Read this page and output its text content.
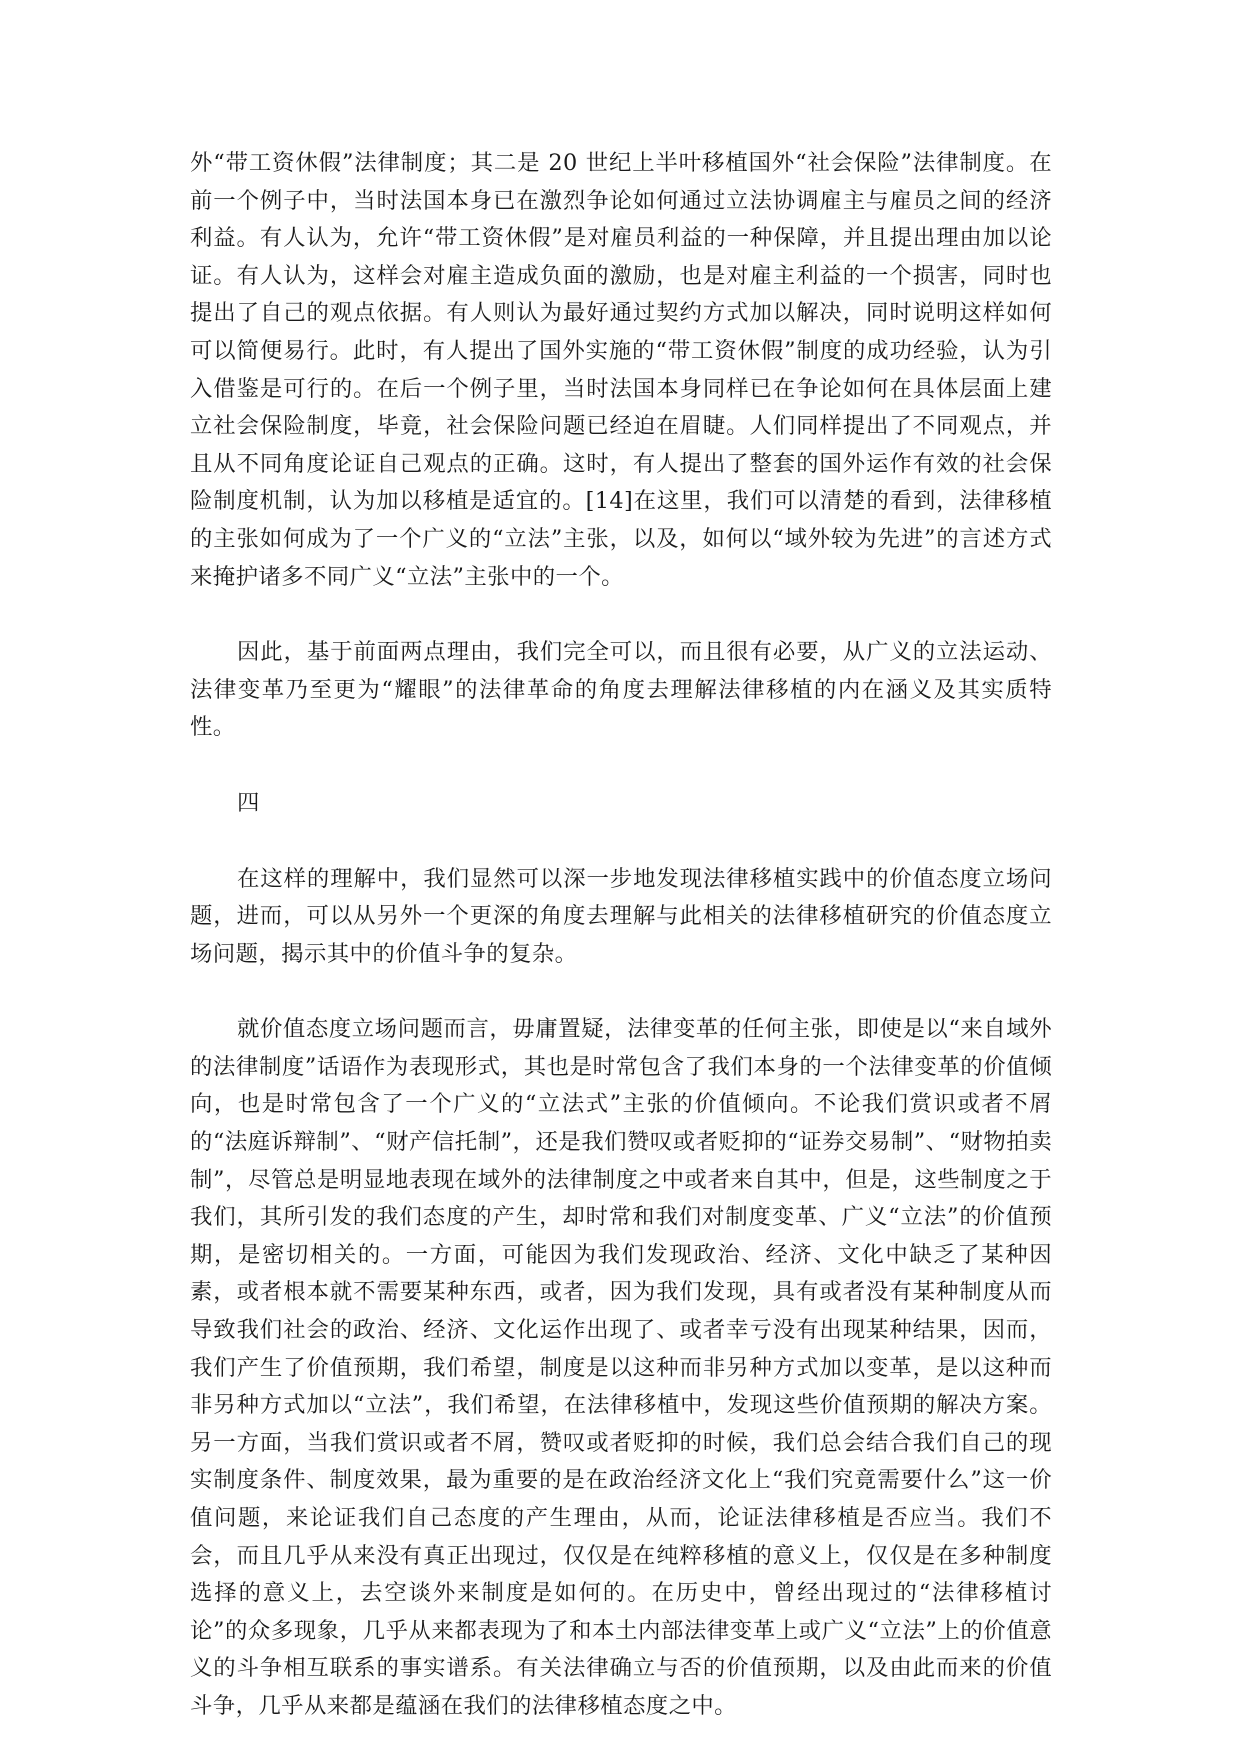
外“带工资休假”法律制度；其二是 20 世纪上半叶移植国外“社会保险”法律制度。在前一个例子中，当时法国本身已在激烈争论如何通过立法协调雇主与雇员之间的经济利益。有人认为，允许“带工资休假”是对雇员利益的一种保障，并且提出理由加以论证。有人认为，这样会对雇主造成负面的激励，也是对雇主利益的一个损害，同时也提出了自己的观点依据。有人则认为最好通过契约方式加以解决，同时说明这样如何可以简便易行。此时，有人提出了国外实施的“带工资休假”制度的成功经验，认为引入借鉴是可行的。在后一个例子里，当时法国本身同样已在争论如何在具体层面上建立社会保险制度，毕竟，社会保险问题已经迫在眉睫。人们同样提出了不同观点，并且从不同角度论证自己观点的正确。这时，有人提出了整套的国外运作有效的社会保险制度机制，认为加以移植是适宜的。[14]在这里，我们可以清楚的看到，法律移植的主张如何成为了一个广义的“立法”主张，以及，如何以“域外较为先进”的言述方式来掩护诸多不同广义“立法”主张中的一个。

因此，基于前面两点理由，我们完全可以，而且很有必要，从广义的立法运动、法律变革乃至更为“耀眼”的法律革命的角度去理解法律移植的内在涵义及其实质特性。

四

在这样的理解中，我们显然可以深一步地发现法律移植实践中的价值态度立场问题，进而，可以从另外一个更深的角度去理解与此相关的法律移植研究的价值态度立场问题，揭示其中的价值斗争的复杂。

就价值态度立场问题而言，毋庸置疑，法律变革的任何主张，即使是以“来自域外的法律制度”话语作为表现形式，其也是时常包含了我们本身的一个法律变革的价值倾向，也是时常包含了一个广义的“立法式”主张的价值倾向。不论我们赏识或者不屑的“法庭诉辩制”、“财产信托制”，还是我们赞叹或者贬抑的“证券交易制”、“财物拍卖制”，尽管总是明显地表现在域外的法律制度之中或者来自其中，但是，这些制度之于我们，其所引发的我们态度的产生，却时常和我们对制度变革、广义“立法”的价值预期，是密切相关的。一方面，可能因为我们发现政治、经济、文化中缺乏了某种因素，或者根本就不需要某种东西，或者，因为我们发现，具有或者没有某种制度从而导致我们社会的政治、经济、文化运作出现了、或者幸亏没有出现某种结果，因而，我们产生了价值预期，我们希望，制度是以这种而非另种方式加以变革，是以这种而非另种方式加以“立法”，我们希望，在法律移植中，发现这些价值预期的解决方案。另一方面，当我们赏识或者不屑，赞叹或者贬抑的时候，我们总会结合我们自己的现实制度条件、制度效果，最为重要的是在政治经济文化上“我们究竟需要什么”这一价值问题，来论证我们自己态度的产生理由，从而，论证法律移植是否应当。我们不会，而且几乎从来没有真正出现过，仅仅是在纯粹移植的意义上，仅仅是在多种制度选择的意义上，去空谈外来制度是如何的。在历史中，曾经出现过的“法律移植讨论”的众多现象，几乎从来都表现为了和本土内部法律变革上或广义“立法”上的价值意义的斗争相互联系的事实谱系。有关法律确立与否的价值预期，以及由此而来的价值斗争，几乎从来都是蕴涵在我们的法律移植态度之中。
